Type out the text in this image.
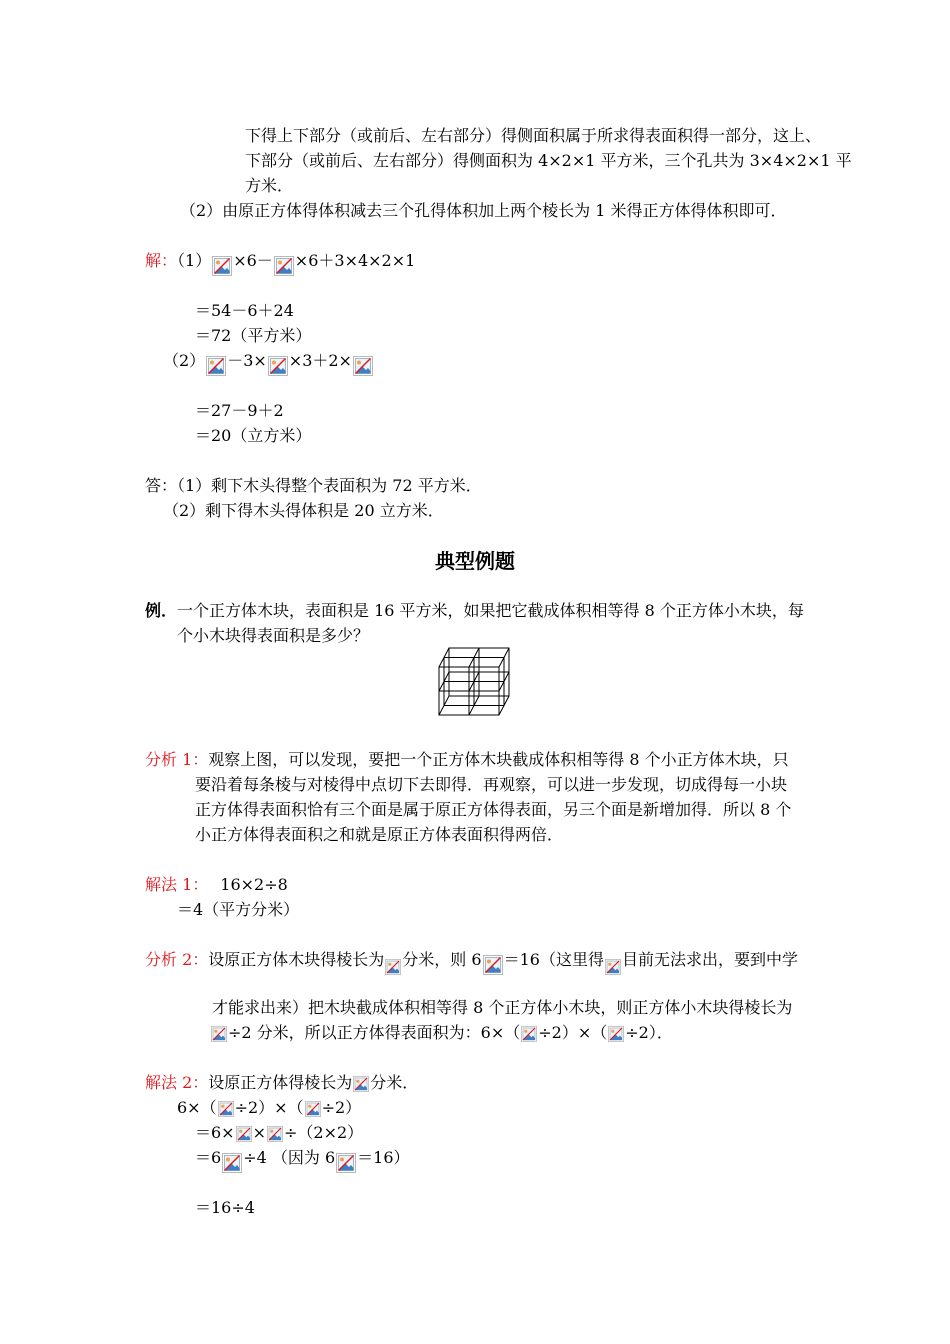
下得上下部分（或前后、左右部分）得侧面积属于所求得表面积得一部分，这上、
下部分（或前后、左右部分）得侧面积为 4×2×1 平方米，三个孔共为 3×4×2×1 平
方米．
（2）由原正方体得体积减去三个孔得体积加上两个棱长为 1 米得正方体得体积即可．
解：（1） ×6－ ×6＋3×4×2×1
＝54－6＋24
＝72（平方米）
（2） －3× ×3＋2×
＝27－9＋2
＝20（立方米）
答：（1）剩下木头得整个表面积为 72 平方米．
（2）剩下得木头得体积是 20 立方米．
典型例题
例．一个正方体木块，表面积是 16 平方米，如果把它截成体积相等得 8 个正方体小木块，每
个小木块得表面积是多少？
分析 1：观察上图，可以发现，要把一个正方体木块截成体积相等得 8 个小正方体木块，只
要沿着每条棱与对棱得中点切下去即得．再观察，可以进一步发现，切成得每一小块
正方体得表面积恰有三个面是属于原正方体得表面，另三个面是新增加得．所以 8 个
小正方体得表面积之和就是原正方体表面积得两倍．
解法 1： 16×2÷8
＝4（平方分米）
分析 2：设原正方体木块得棱长为 分米，则 6 ＝16（这里得 目前无法求出，要到中学
才能求出来）把木块截成体积相等得 8 个正方体小木块，则正方体小木块得棱长为
÷2 分米，所以正方体得表面积为：6×（ ÷2）×（ ÷2）．
解法 2：设原正方体得棱长为 分米．
6×（ ÷2）×（ ÷2）
＝6× × ÷（2×2）
＝6 ÷4 （因为 6 ＝16）
＝16÷4
